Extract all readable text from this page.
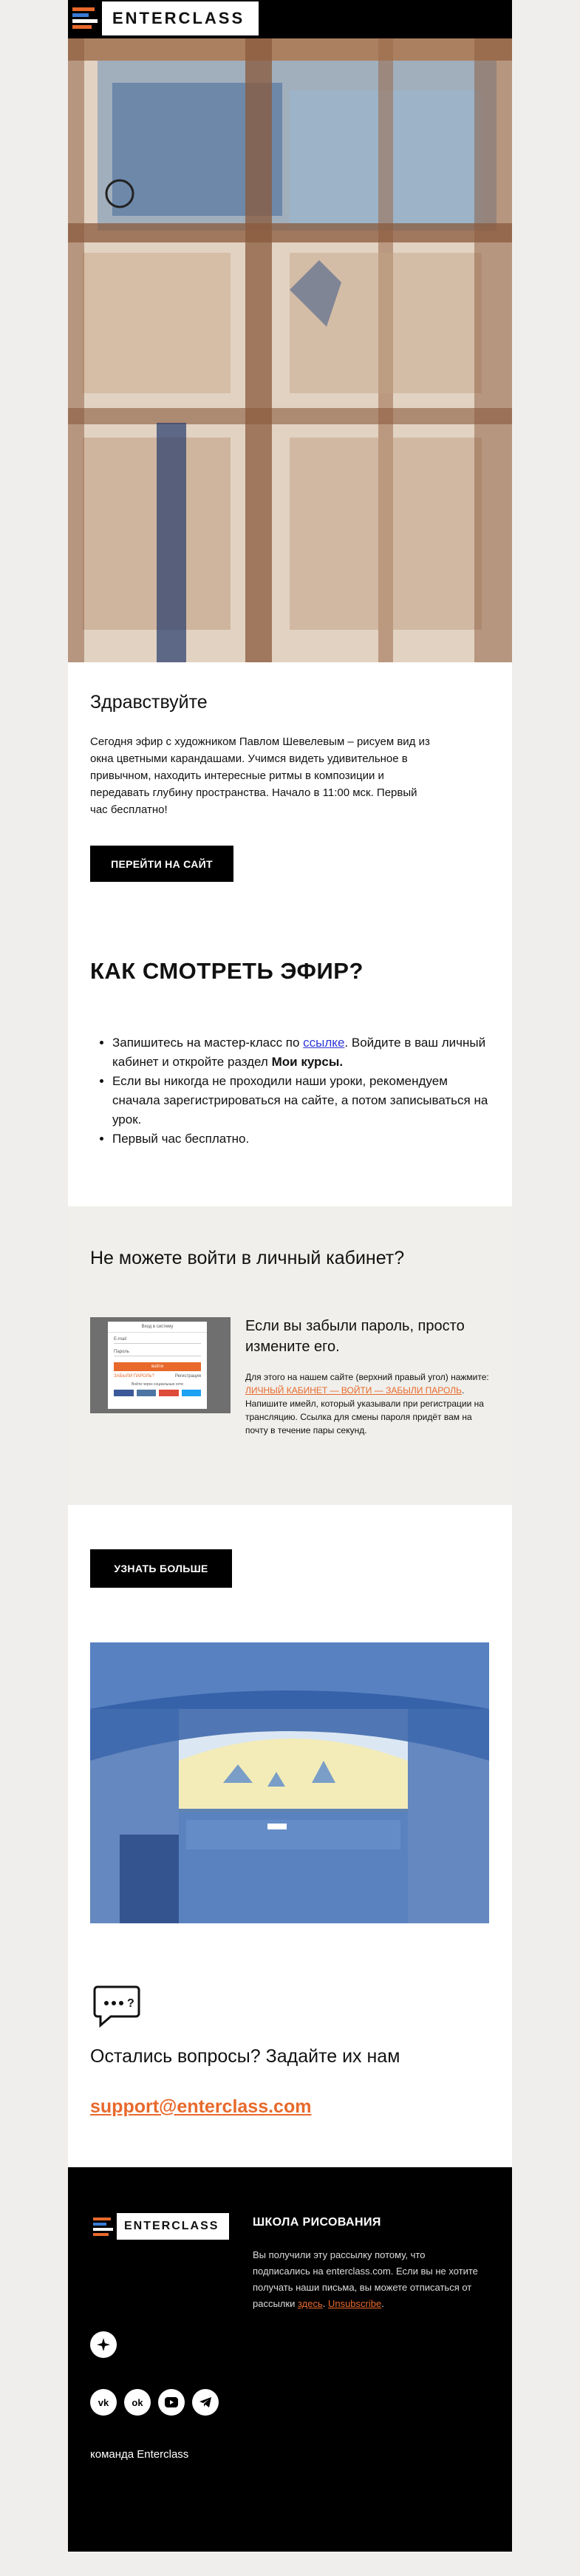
ENTERCLASS
Здравствуйте

Сегодня эфир с художником Павлом Шевелевым – рисуем вид из окна цветными карандашами. Учимся видеть удивительное в привычном, находить интересные ритмы в композиции и передавать глубину пространства. Начало в 11:00 мск. Первый час бесплатно!

ПЕРЕЙТИ НА САЙТ
КАК СМОТРЕТЬ ЭФИР?
• Запишитесь на мастер-класс по ссылке. Войдите в ваш личный кабинет и откройте раздел Мои курсы.
• Если вы никогда не проходили наши уроки, рекомендуем сначала зарегистрироваться на сайте, а потом записываться на урок.
• Первый час бесплатно.
Не можете войти в личный кабинет?
Вход в систему
E-mail
Пароль
войти
ЗАБЫЛИ ПАРОЛЬ?	Регистрация
Войти через социальные сети
Если вы забыли пароль, просто измените его.

Для этого на нашем сайте (верхний правый угол) нажмите: ЛИЧНЫЙ КАБИНЕТ — ВОЙТИ — ЗАБЫЛИ ПАРОЛЬ. Напишите имейл, который указывали при регистрации на трансляцию. Ссылка для смены пароля придёт вам на почту в течение пары секунд.

УЗНАТЬ БОЛЬШЕ
?
Остались вопросы? Задайте их нам
support@enterclass.com
ENTERCLASS	ШКОЛА РИСОВАНИЯ

Вы получили эту рассылку потому, что подписались на enterclass.com. Если вы не хотите получать наши письма, вы можете отписаться от рассылки здесь. Unsubscribe.

vk	ok

команда Enterclass
